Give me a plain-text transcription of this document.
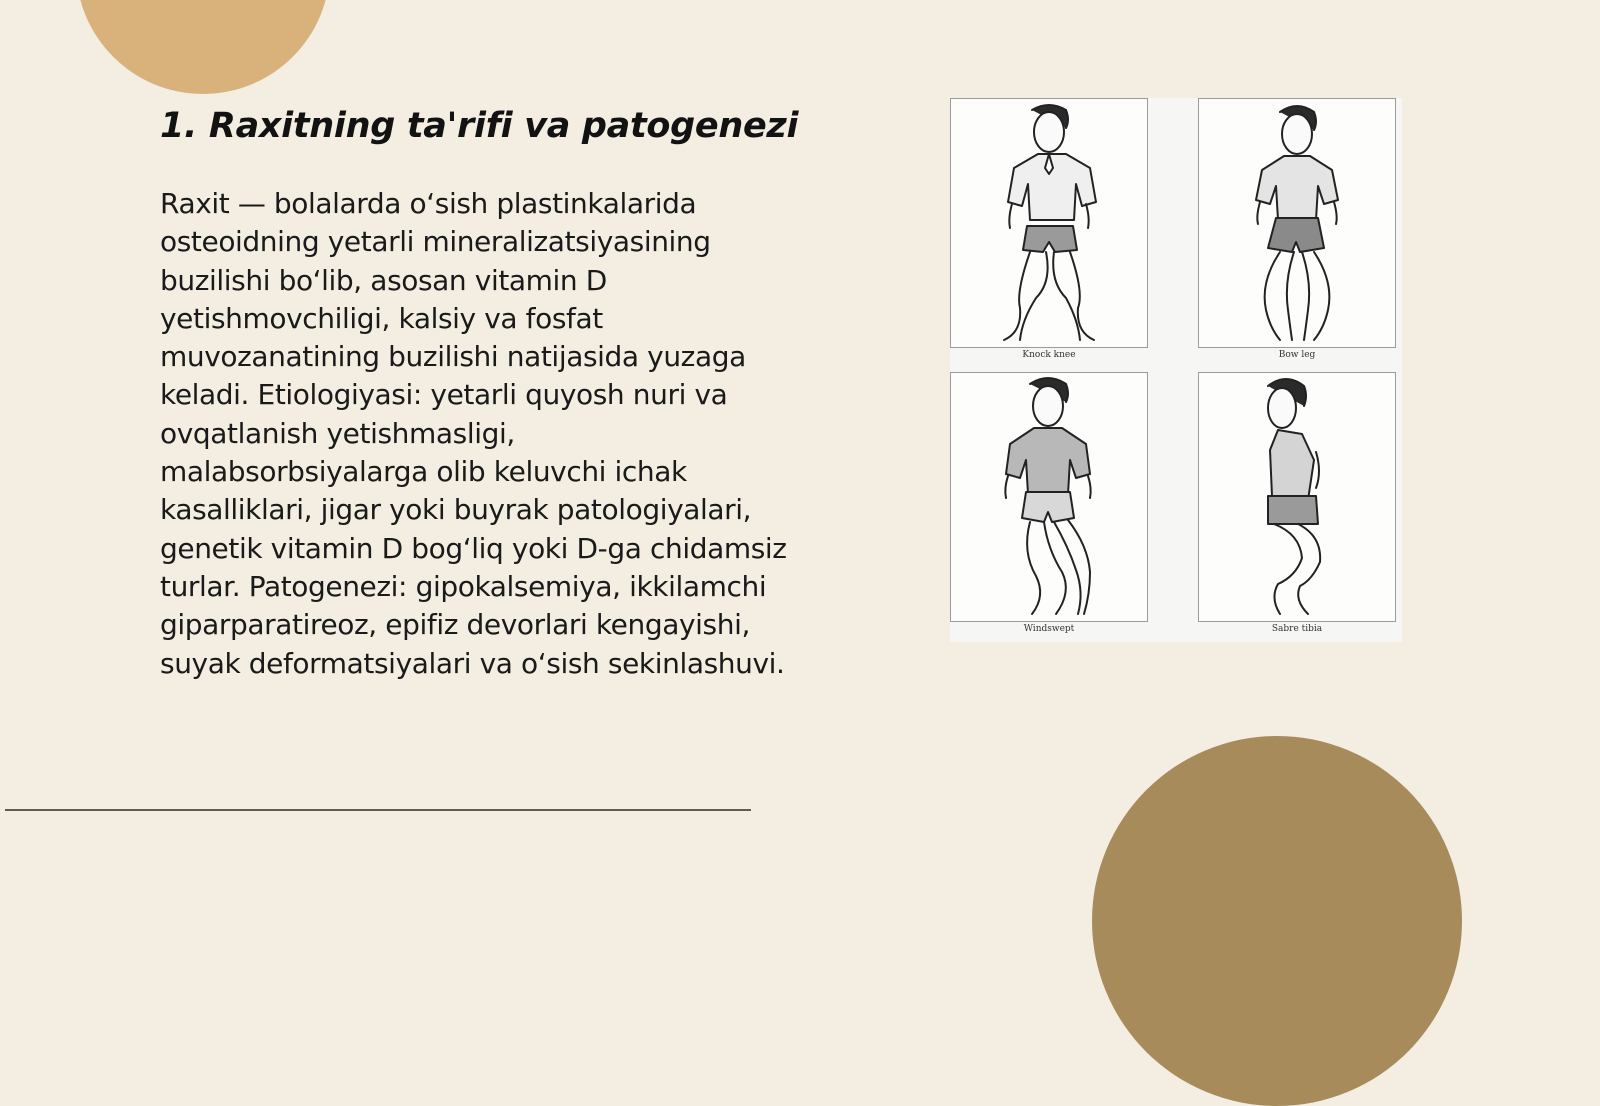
1. Raxitning ta'rifi va patogenezi

Raxit — bolalarda o‘sish plastinkalarida
osteoidning yetarli mineralizatsiyasining
buzilishi bo‘lib, asosan vitamin D
yetishmovchiligi, kalsiy va fosfat
muvozanatining buzilishi natijasida yuzaga
keladi. Etiologiyasi: yetarli quyosh nuri va
ovqatlanish yetishmasligi,
malabsorbsiyalarga olib keluvchi ichak
kasalliklari, jigar yoki buyrak patologiyalari,
genetik vitamin D bog‘liq yoki D-ga chidamsiz
turlar. Patogenezi: gipokalsemiya, ikkilamchi
giparparatireoz, epifiz devorlari kengayishi,
suyak deformatsiyalari va o‘sish sekinlashuvi.

Knock knee	Bow leg
Windswept	Sabre tibia
